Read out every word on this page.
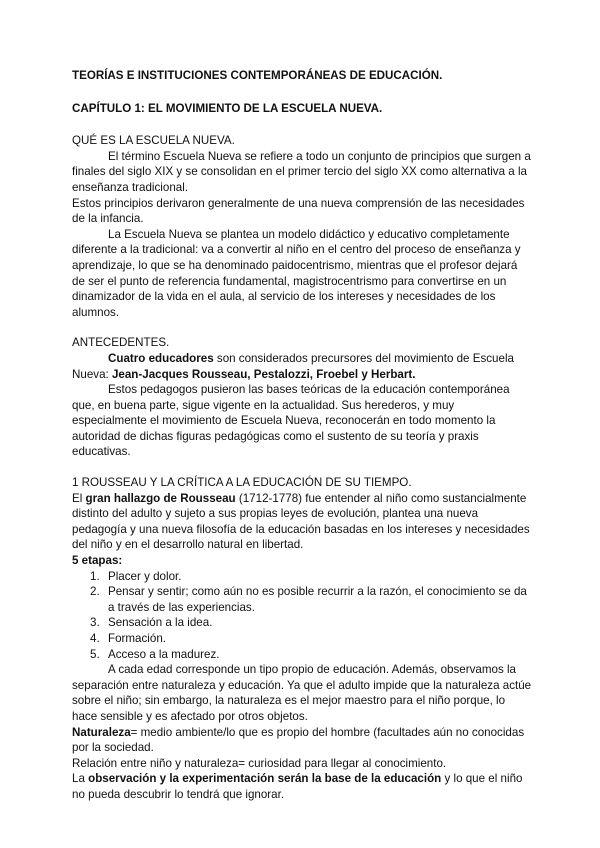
TEORÍAS E INSTITUCIONES CONTEMPORÁNEAS DE EDUCACIÓN.

CAPÍTULO 1: EL MOVIMIENTO DE LA ESCUELA NUEVA.

QUÉ ES LA ESCUELA NUEVA.

El término Escuela Nueva se refiere a todo un conjunto de principios que surgen a finales del siglo XIX y se consolidan en el primer tercio del siglo XX como alternativa a la enseñanza tradicional.

Estos principios derivaron generalmente de una nueva comprensión de las necesidades de la infancia.

La Escuela Nueva se plantea un modelo didáctico y educativo completamente diferente a la tradicional: va a convertir al niño en el centro del proceso de enseñanza y aprendizaje, lo que se ha denominado paidocentrismo, mientras que el profesor dejará de ser el punto de referencia fundamental, magistrocentrismo para convertirse en un dinamizador de la vida en el aula, al servicio de los intereses y necesidades de los alumnos.

ANTECEDENTES.

Cuatro educadores son considerados precursores del movimiento de Escuela Nueva: Jean-Jacques Rousseau, Pestalozzi, Froebel y Herbart.

Estos pedagogos pusieron las bases teóricas de la educación contemporánea que, en buena parte, sigue vigente en la actualidad. Sus herederos, y muy especialmente el movimiento de Escuela Nueva, reconocerán en todo momento la autoridad de dichas figuras pedagógicas como el sustento de su teoría y praxis educativas.

1 ROUSSEAU Y LA CRÍTICA A LA EDUCACIÓN DE SU TIEMPO.

El gran hallazgo de Rousseau (1712-1778) fue entender al niño como sustancialmente distinto del adulto y sujeto a sus propias leyes de evolución, plantea una nueva pedagogía y una nueva filosofía de la educación basadas en los intereses y necesidades del niño y en el desarrollo natural en libertad.

5 etapas:

1. Placer y dolor.
2. Pensar y sentir; como aún no es posible recurrir a la razón, el conocimiento se da a través de las experiencias.
3. Sensación a la idea.
4. Formación.
5. Acceso a la madurez.

A cada edad corresponde un tipo propio de educación. Además, observamos la separación entre naturaleza y educación. Ya que el adulto impide que la naturaleza actúe sobre el niño; sin embargo, la naturaleza es el mejor maestro para el niño porque, lo hace sensible y es afectado por otros objetos.

Naturaleza= medio ambiente/lo que es propio del hombre (facultades aún no conocidas por la sociedad.

Relación entre niño y naturaleza= curiosidad para llegar al conocimiento.

La observación y la experimentación serán la base de la educación y lo que el niño no pueda descubrir lo tendrá que ignorar.
